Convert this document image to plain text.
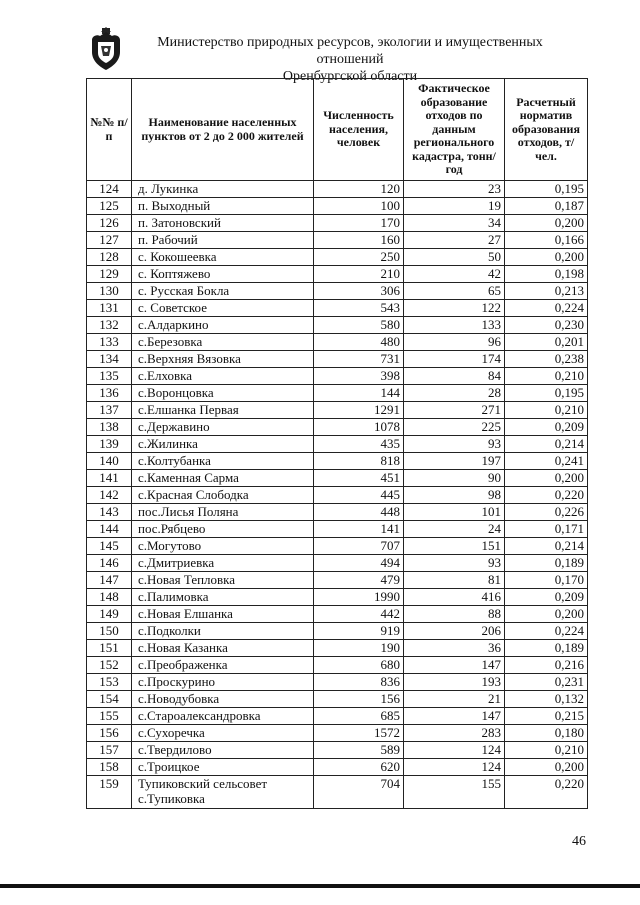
Министерство природных ресурсов, экологии и имущественных отношений
Оренбургской области
№№ п/п	Наименование населенных пунктов от 2 до 2 000 жителей	Численность населения, человек	Фактическое образование отходов по данным регионального кадастра, тонн/год	Расчетный норматив образования отходов, т/чел.
124	д. Лукинка	120	23	0,195
125	п. Выходный	100	19	0,187
126	п. Затоновский	170	34	0,200
127	п. Рабочий	160	27	0,166
128	с. Кокошеевка	250	50	0,200
129	с. Коптяжево	210	42	0,198
130	с. Русская Бокла	306	65	0,213
131	с. Советское	543	122	0,224
132	с.Алдаркино	580	133	0,230
133	с.Березовка	480	96	0,201
134	с.Верхняя Вязовка	731	174	0,238
135	с.Елховка	398	84	0,210
136	с.Воронцовка	144	28	0,195
137	с.Елшанка Первая	1291	271	0,210
138	с.Державино	1078	225	0,209
139	с.Жилинка	435	93	0,214
140	с.Колтубанка	818	197	0,241
141	с.Каменная Сарма	451	90	0,200
142	с.Красная Слободка	445	98	0,220
143	пос.Лисья Поляна	448	101	0,226
144	пос.Рябцево	141	24	0,171
145	с.Могутово	707	151	0,214
146	с.Дмитриевка	494	93	0,189
147	с.Новая Тепловка	479	81	0,170
148	с.Палимовка	1990	416	0,209
149	с.Новая Елшанка	442	88	0,200
150	с.Подколки	919	206	0,224
151	с.Новая Казанка	190	36	0,189
152	с.Преображенка	680	147	0,216
153	с.Проскурино	836	193	0,231
154	с.Новодубовка	156	21	0,132
155	с.Староалександровка	685	147	0,215
156	с.Сухоречка	1572	283	0,180
157	с.Твердилово	589	124	0,210
158	с.Троицкое	620	124	0,200
159	Тупиковский сельсовет с.Тупиковка	704	155	0,220
46
